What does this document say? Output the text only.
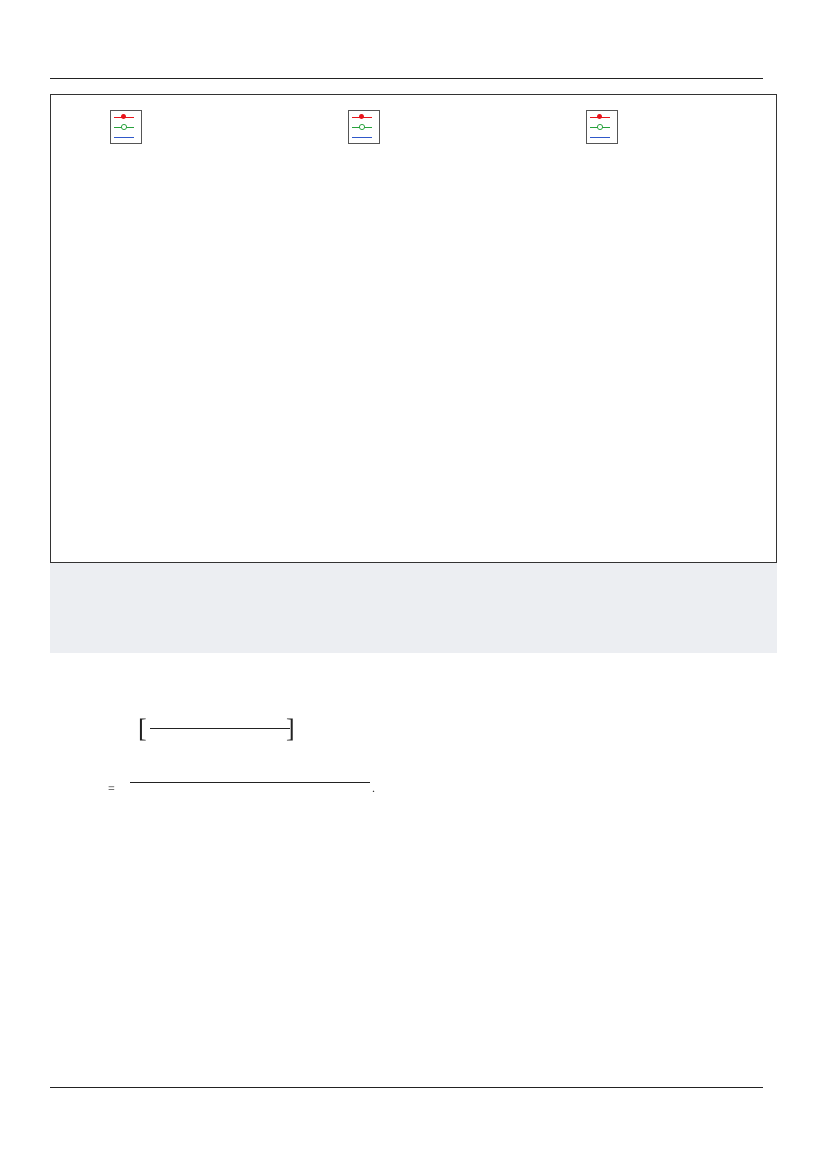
[	]
=	.
